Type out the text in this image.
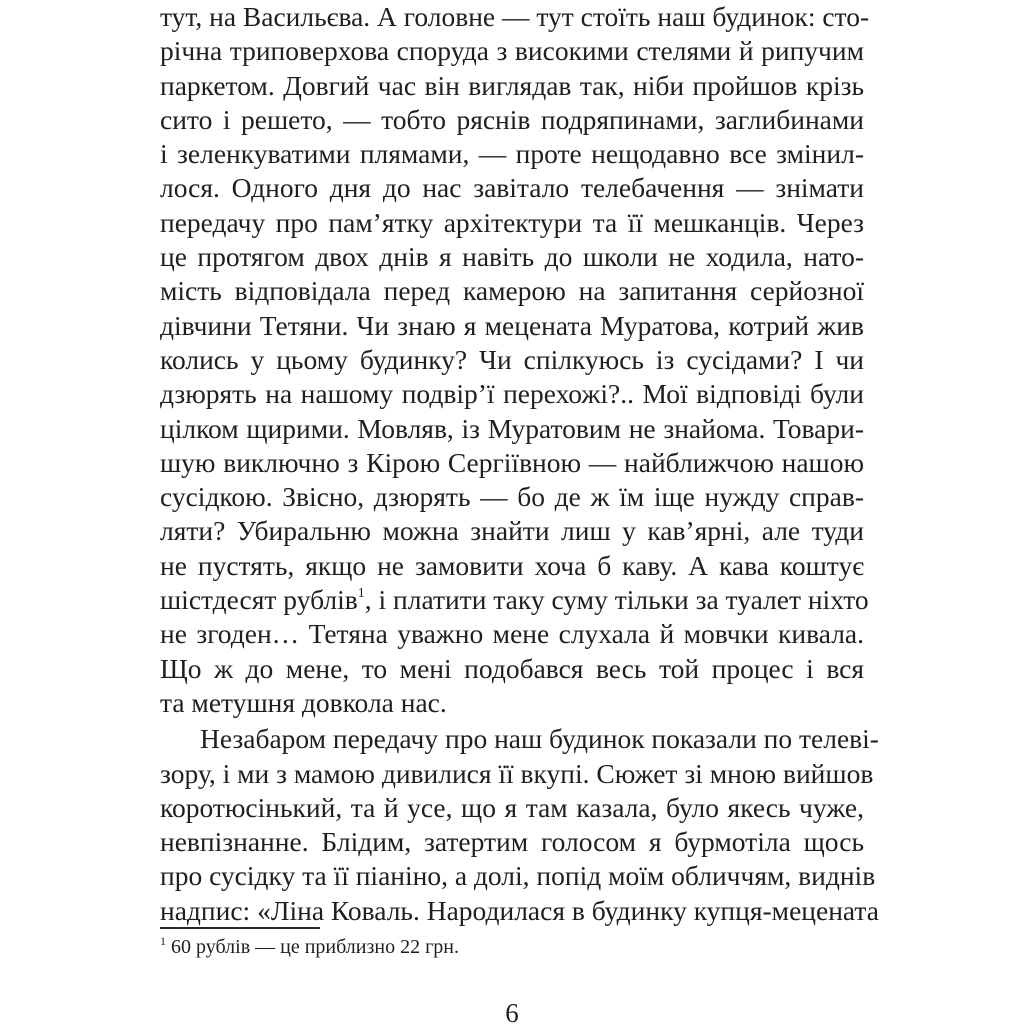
тут, на Васильєва. А головне — тут стоїть наш будинок: сто-
річна триповерхова споруда з високими стелями й рипучим
паркетом. Довгий час він виглядав так, ніби пройшов крізь
сито і решето, — тобто ряснів подряпинами, заглибинами
і зеленкуватими плямами, — проте нещодавно все змінил-
лося. Одного дня до нас завітало телебачення — знімати
передачу про пам’ятку архітектури та її мешканців. Через
це протягом двох днів я навіть до школи не ходила, нато-
мість відповідала перед камерою на запитання серйозної
дівчини Тетяни. Чи знаю я мецената Муратова, котрий жив
колись у цьому будинку? Чи спілкуюсь із сусідами? І чи
дзюрять на нашому подвір’ї перехожі?.. Мої відповіді були
цілком щирими. Мовляв, із Муратовим не знайома. Товари-
шую виключно з Кірою Сергіївною — найближчою нашою
сусідкою. Звісно, дзюрять — бо де ж їм іще нужду справ-
ляти? Убиральню можна знайти лиш у кав’ярні, але туди
не пустять, якщо не замовити хоча б каву. А кава коштує
шістдесят рублів$^1$, і платити таку суму тільки за туалет ніхто
не згоден… Тетяна уважно мене слухала й мовчки кивала.
Що ж до мене, то мені подобався весь той процес і вся
та метушня довкола нас.
Незабаром передачу про наш будинок показали по телеві-
зору, і ми з мамою дивилися її вкупі. Сюжет зі мною вийшов
коротюсінький, та й усе, що я там казала, було якесь чуже,
невпізнанне. Блідим, затертим голосом я бурмотіла щось
про сусідку та її піаніно, а долі, попід моїм обличчям, виднів
надпис: «Ліна Коваль. Народилася в будинку купця-мецената
$^1$ 60 рублів — це приблизно 22 грн.
6
